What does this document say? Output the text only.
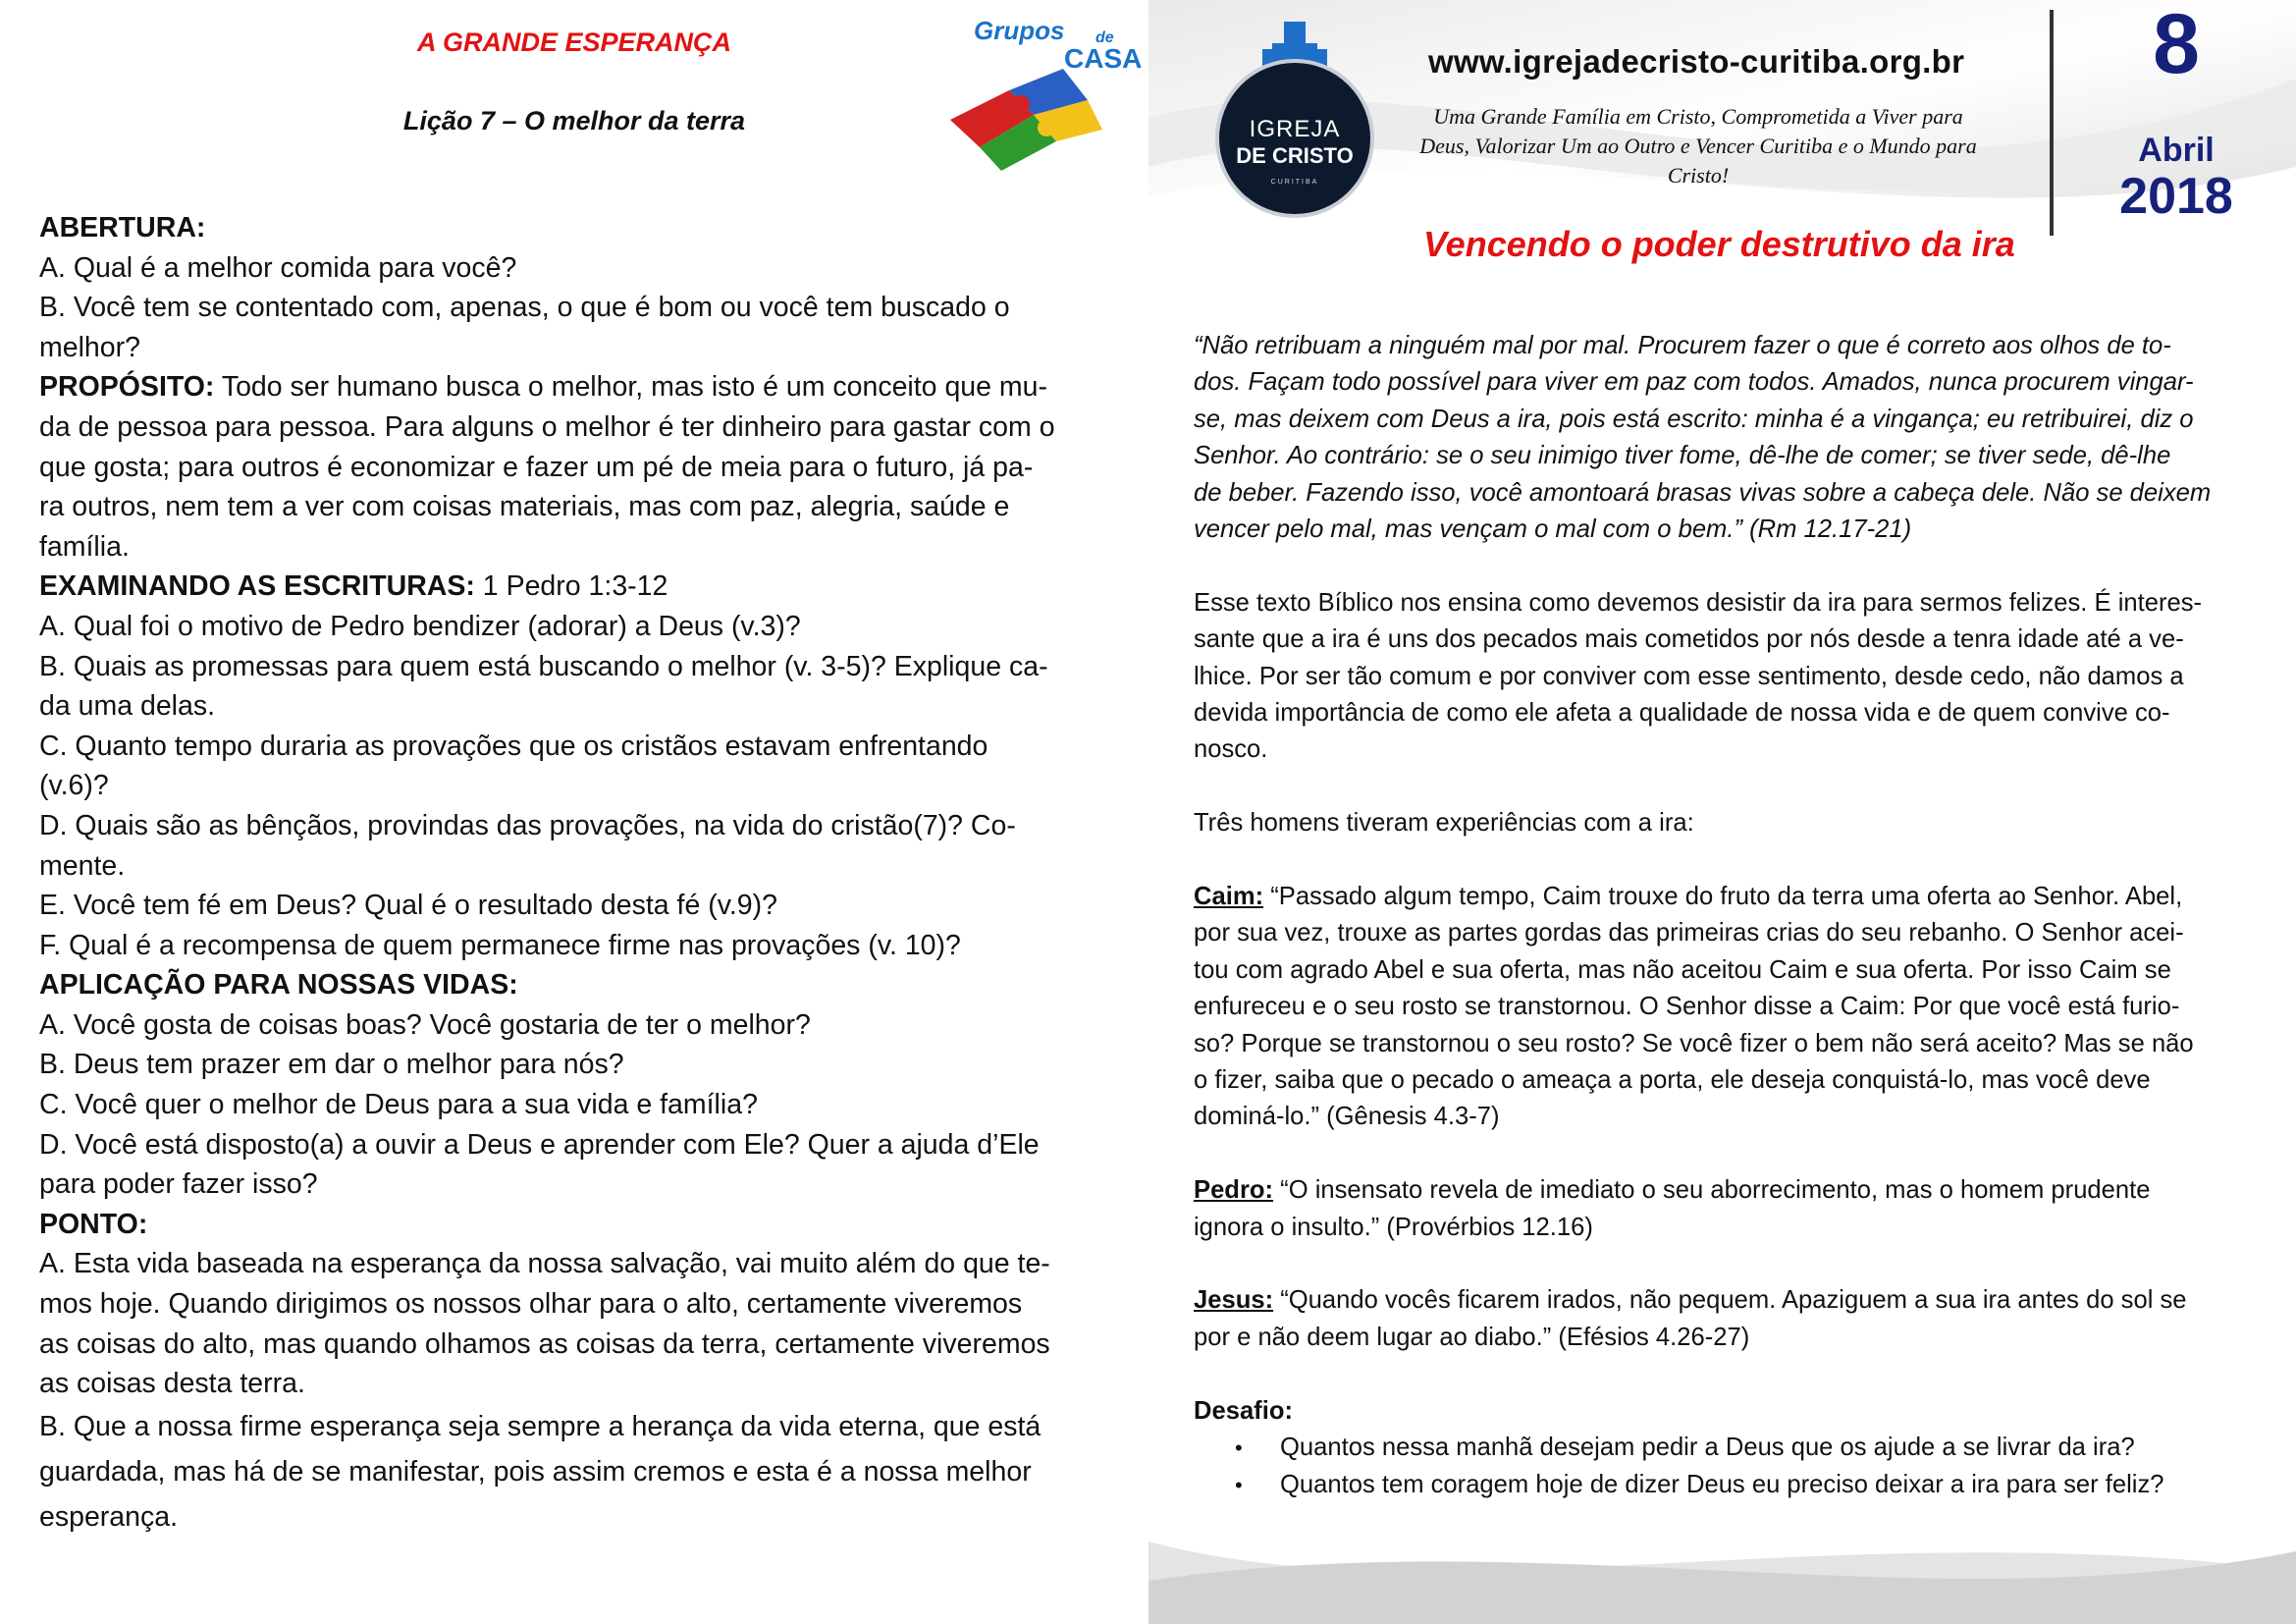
A GRANDE ESPERANÇA
Lição 7 – O melhor da terra
Grupos de
CASA

ABERTURA:

A. Qual é a melhor comida para você?

B. Você tem se contentado com, apenas, o que é bom ou você tem buscado o

melhor?

PROPÓSITO: Todo ser humano busca o melhor, mas isto é um conceito que mu-

da de pessoa para pessoa. Para alguns o melhor é ter dinheiro para gastar com o

que gosta; para outros é economizar e fazer um pé de meia para o futuro, já pa-

ra outros, nem tem a ver com coisas materiais, mas com paz, alegria, saúde e

família.

EXAMINANDO AS ESCRITURAS: 1 Pedro 1:3-12

A. Qual foi o motivo de Pedro bendizer (adorar) a Deus (v.3)?

B. Quais as promessas para quem está buscando o melhor (v. 3-5)? Explique ca-

da uma delas.

C. Quanto tempo duraria as provações que os cristãos estavam enfrentando

(v.6)?

D. Quais são as bênçãos, provindas das provações, na vida do cristão(7)? Co-

mente.

E. Você tem fé em Deus? Qual é o resultado desta fé (v.9)?

F. Qual é a recompensa de quem permanece firme nas provações (v. 10)?

APLICAÇÃO PARA NOSSAS VIDAS:

A. Você gosta de coisas boas? Você gostaria de ter o melhor?

B. Deus tem prazer em dar o melhor para nós?

C. Você quer o melhor de Deus para a sua vida e família?

D. Você está disposto(a) a ouvir a Deus e aprender com Ele? Quer a ajuda d’Ele

para poder fazer isso?

PONTO:

A. Esta vida baseada na esperança da nossa salvação, vai muito além do que te-

mos hoje. Quando dirigimos os nossos olhar para o alto, certamente viveremos

as coisas do alto, mas quando olhamos as coisas da terra, certamente viveremos

as coisas desta terra.

B. Que a nossa firme esperança seja sempre a herança da vida eterna, que está

guardada, mas há de se manifestar, pois assim cremos e esta é a nossa melhor

esperança.

IGREJA
DE CRISTO
CURITIBA
www.igrejadecristo-curitiba.org.br
Uma Grande Família em Cristo, Comprometida a Viver para Deus, Valorizar Um ao Outro e Vencer Curitiba e o Mundo para Cristo!
8
Abril
2018
Vencendo o poder destrutivo da ira

“Não retribuam a ninguém mal por mal. Procurem fazer o que é correto aos olhos de to-

dos. Façam todo possível para viver em paz com todos. Amados, nunca procurem vingar-

se, mas deixem com Deus a ira, pois está escrito: minha é a vingança; eu retribuirei, diz o

Senhor. Ao contrário: se o seu inimigo tiver fome, dê-lhe de comer; se tiver sede, dê-lhe

de beber. Fazendo isso, você amontoará brasas vivas sobre a cabeça dele. Não se deixem

vencer pelo mal, mas vençam o mal com o bem.” (Rm 12.17-21)

Esse texto Bíblico nos ensina como devemos desistir da ira para sermos felizes. É interes-

sante que a ira é uns dos pecados mais cometidos por nós desde a tenra idade até a ve-

lhice. Por ser tão comum e por conviver com esse sentimento, desde cedo, não damos a

devida importância de como ele afeta a qualidade de nossa vida e de quem convive co-

nosco.

Três homens tiveram experiências com a ira:

Caim: “Passado algum tempo, Caim trouxe do fruto da terra uma oferta ao Senhor. Abel,

por sua vez, trouxe as partes gordas das primeiras crias do seu rebanho. O Senhor acei-

tou com agrado Abel e sua oferta, mas não aceitou Caim e sua oferta. Por isso Caim se

enfureceu e o seu rosto se transtornou. O Senhor disse a Caim: Por que você está furio-

so? Porque se transtornou o seu rosto? Se você fizer o bem não será aceito? Mas se não

o fizer, saiba que o pecado o ameaça a porta, ele deseja conquistá-lo, mas você deve

dominá-lo.” (Gênesis 4.3-7)

Pedro: “O insensato revela de imediato o seu aborrecimento, mas o homem prudente

ignora o insulto.” (Provérbios 12.16)

Jesus: “Quando vocês ficarem irados, não pequem. Apaziguem a sua ira antes do sol se

por e não deem lugar ao diabo.” (Efésios 4.26-27)

Desafio:

• Quantos nessa manhã desejam pedir a Deus que os ajude a se livrar da ira?
• Quantos tem coragem hoje de dizer Deus eu preciso deixar a ira para ser feliz?
